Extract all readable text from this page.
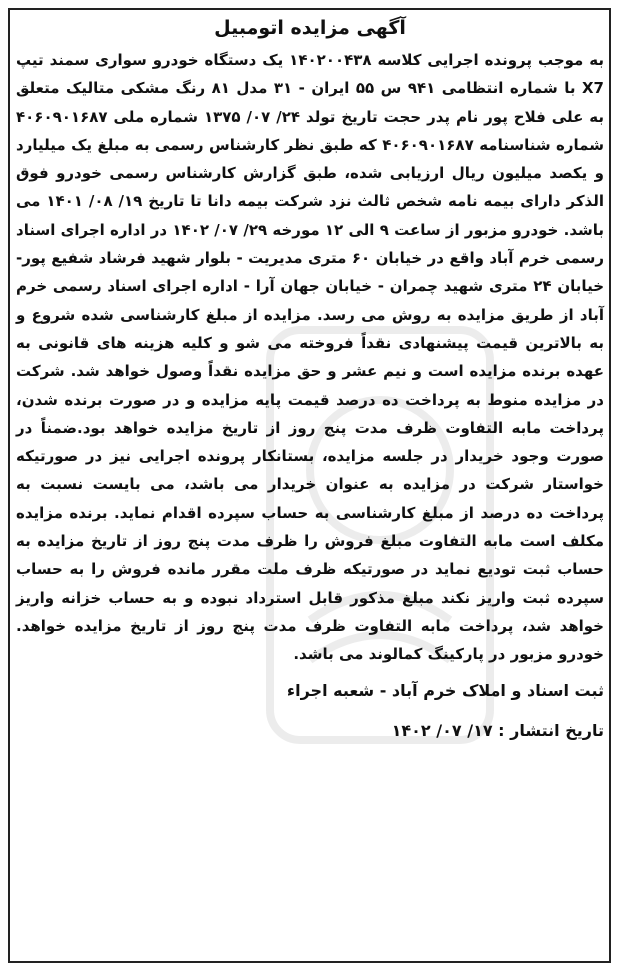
آگهی مزایده اتومبیل

به موجب پرونده اجرایی کلاسه ۱۴۰۲۰۰۴۳۸ یک دستگاه خودرو سواری سمند تیپ X7 با شماره انتظامی ۹۴۱ س ۵۵ ایران - ۳۱ مدل ۸۱ رنگ مشکی متالیک متعلق به علی فلاح پور نام پدر حجت تاریخ تولد ۲۴/ ۰۷/ ۱۳۷۵ شماره ملی ۴۰۶۰۹۰۱۶۸۷ شماره شناسنامه ۴۰۶۰۹۰۱۶۸۷ که طبق نظر کارشناس رسمی به مبلغ یک میلیارد و یکصد میلیون ریال ارزیابی شده، طبق گزارش کارشناس رسمی خودرو فوق الذکر دارای بیمه نامه شخص ثالث نزد شرکت بیمه دانا تا تاریخ ۱۹/ ۰۸/ ۱۴۰۱ می باشد. خودرو مزبور از ساعت ۹ الی ۱۲ مورخه ۲۹/ ۰۷/ ۱۴۰۲ در اداره اجرای اسناد رسمی خرم آباد واقع در خیابان ۶۰ متری مدیریت - بلوار شهید فرشاد شفیع پور- خیابان ۲۴ متری شهید چمران - خیابان جهان آرا - اداره اجرای اسناد رسمی خرم آباد از طریق مزایده به روش می رسد. مزایده از مبلغ کارشناسی شده شروع و به بالاترین قیمت پیشنهادی نقداً فروخته می شو و کلیه هزینه های قانونی به عهده برنده مزایده است و نیم عشر و حق مزایده نقداً وصول خواهد شد. شرکت در مزایده منوط به پرداخت ده درصد قیمت پایه مزایده و در صورت برنده شدن، پرداخت مابه التفاوت ظرف مدت پنج روز از تاریخ مزایده خواهد بود.ضمناً در صورت وجود خریدار در جلسه مزایده، بستانکار پرونده اجرایی نیز در صورتیکه خواستار شرکت در مزایده به عنوان خریدار می باشد، می بایست نسبت به پرداخت ده درصد از مبلغ کارشناسی به حساب سپرده اقدام نماید. برنده مزایده مکلف است مابه التفاوت مبلغ فروش را ظرف مدت پنج روز از تاریخ مزایده به حساب ثبت تودیع نماید در صورتیکه ظرف ملت مقرر مانده فروش را به حساب سپرده ثبت واریز نکند مبلغ مذکور قابل استرداد نبوده و به حساب خزانه واریز خواهد شد، پرداخت مابه التفاوت ظرف مدت پنج روز از تاریخ مزایده خواهد. خودرو مزبور در پارکینگ کمالوند می باشد.

ثبت اسناد و املاک خرم آباد - شعبه اجراء
تاریخ انتشار : ۱۷/ ۰۷/ ۱۴۰۲
